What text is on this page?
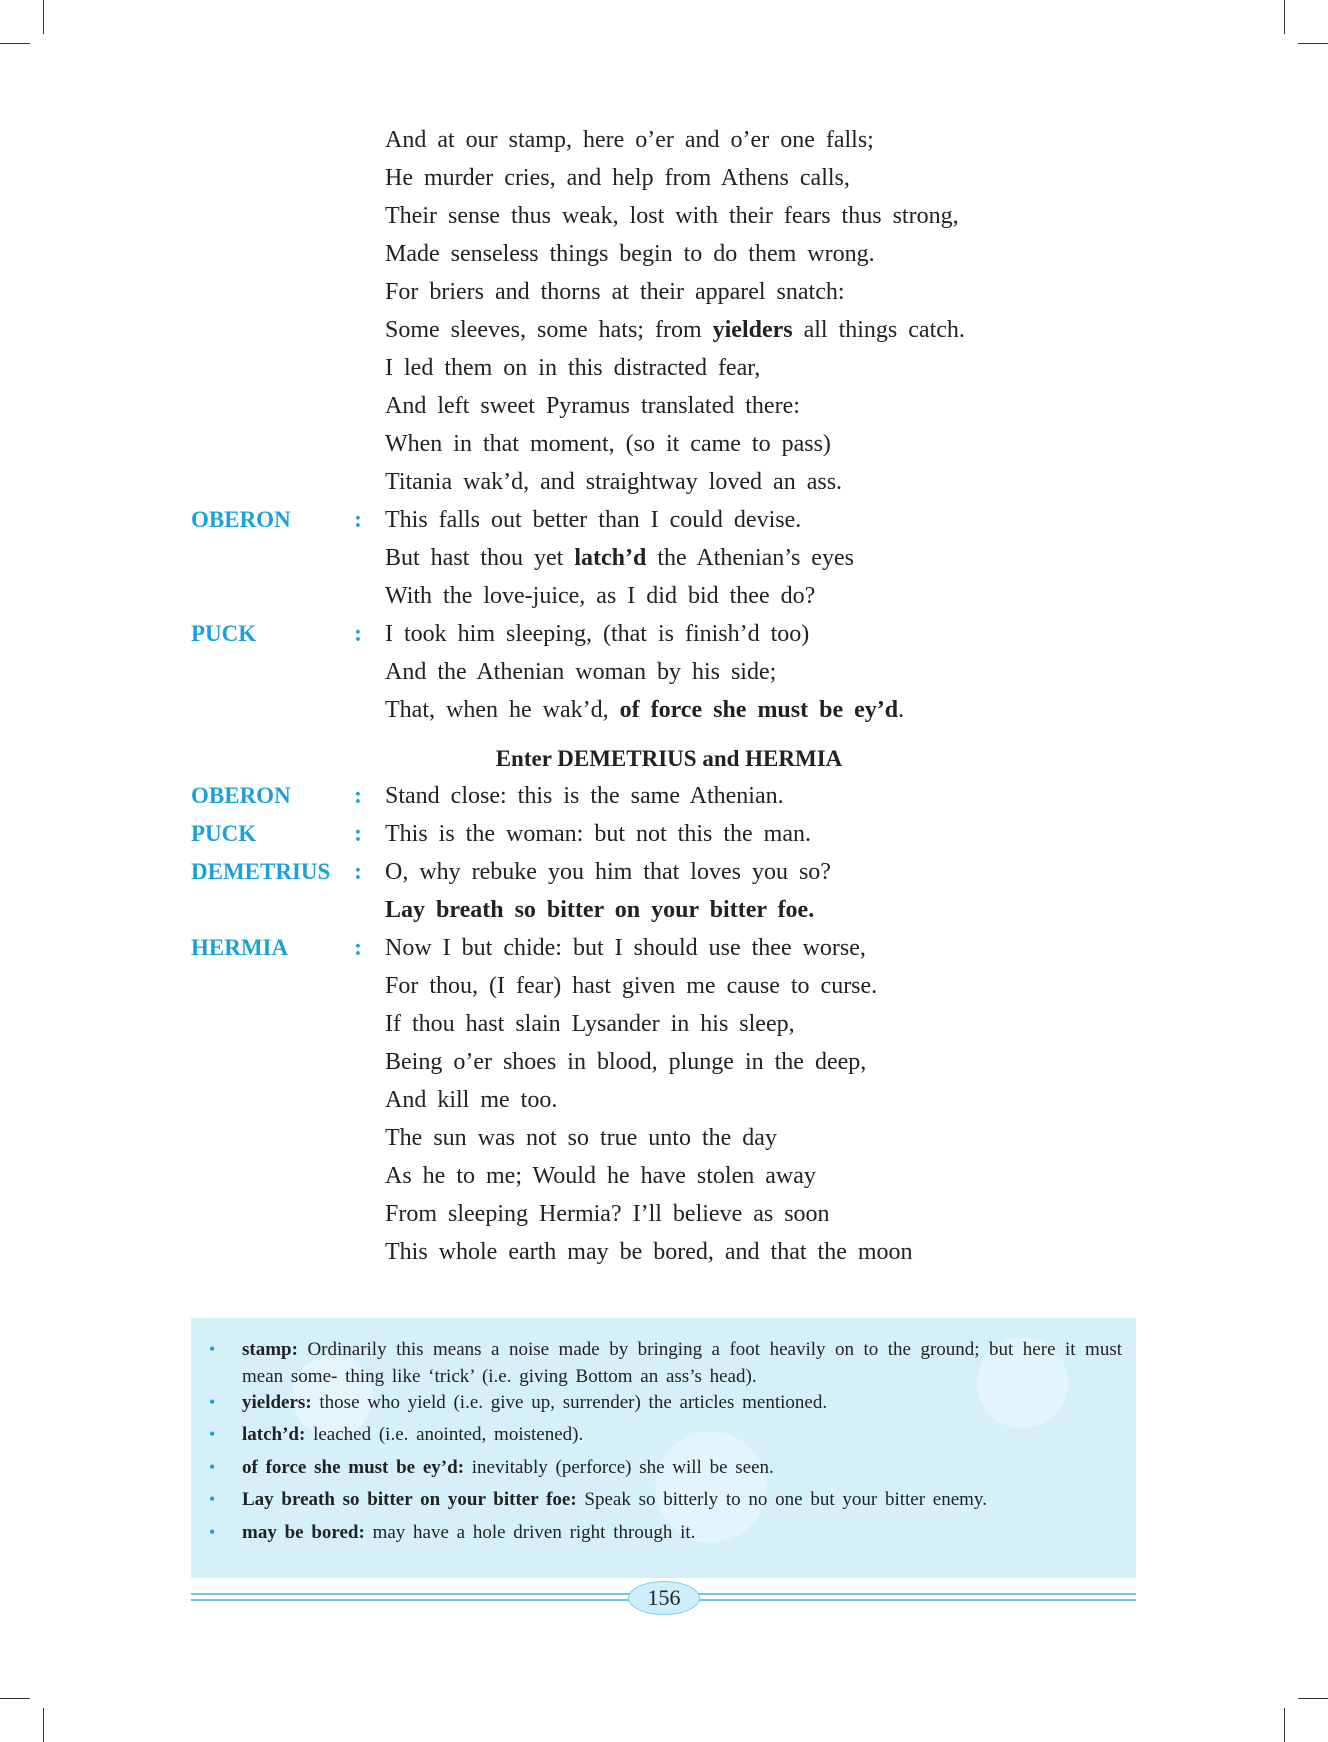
And at our stamp, here o’er and o’er one falls;
He murder cries, and help from Athens calls,
Their sense thus weak, lost with their fears thus strong,
Made senseless things begin to do them wrong.
For briers and thorns at their apparel snatch:
Some sleeves, some hats; from yielders all things catch.
I led them on in this distracted fear,
And left sweet Pyramus translated there:
When in that moment, (so it came to pass)
Titania wak’d, and straightway loved an ass.
OBERON	: This falls out better than I could devise.
But hast thou yet latch’d the Athenian’s eyes
With the love-juice, as I did bid thee do?
PUCK	: I took him sleeping, (that is finish’d too)
And the Athenian woman by his side;
That, when he wak’d, of force she must be ey’d.
Enter DEMETRIUS and HERMIA
OBERON	: Stand close: this is the same Athenian.
PUCK	: This is the woman: but not this the man.
DEMETRIUS : O, why rebuke you him that loves you so?
Lay breath so bitter on your bitter foe.
HERMIA	: Now I but chide: but I should use thee worse,
For thou, (I fear) hast given me cause to curse.
If thou hast slain Lysander in his sleep,
Being o’er shoes in blood, plunge in the deep,
And kill me too.
The sun was not so true unto the day
As he to me; Would he have stolen away
From sleeping Hermia? I’ll believe as soon
This whole earth may be bored, and that the moon
• stamp: Ordinarily this means a noise made by bringing a foot heavily on to the ground; but here it must mean some- thing like ‘trick’ (i.e. giving Bottom an ass’s head).
• yielders: those who yield (i.e. give up, surrender) the articles mentioned.
• latch’d: leached (i.e. anointed, moistened).
• of force she must be ey’d: inevitably (perforce) she will be seen.
• Lay breath so bitter on your bitter foe: Speak so bitterly to no one but your bitter enemy.
• may be bored: may have a hole driven right through it.
156
